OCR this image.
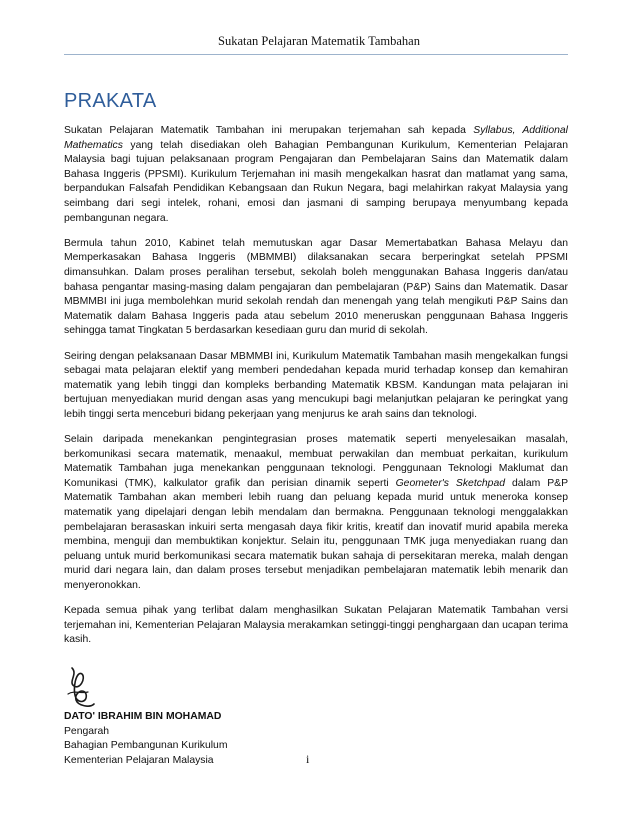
Sukatan Pelajaran Matematik Tambahan
PRAKATA

Sukatan Pelajaran Matematik Tambahan ini merupakan terjemahan sah kepada Syllabus, Additional Mathematics yang telah disediakan oleh Bahagian Pembangunan Kurikulum, Kementerian Pelajaran Malaysia bagi tujuan pelaksanaan program Pengajaran dan Pembelajaran Sains dan Matematik dalam Bahasa Inggeris (PPSMI). Kurikulum Terjemahan ini masih mengekalkan hasrat dan matlamat yang sama, berpandukan Falsafah Pendidikan Kebangsaan dan Rukun Negara, bagi melahirkan rakyat Malaysia yang seimbang dari segi intelek, rohani, emosi dan jasmani di samping berupaya menyumbang kepada pembangunan negara.

Bermula tahun 2010, Kabinet telah memutuskan agar Dasar Memertabatkan Bahasa Melayu dan Memperkasakan Bahasa Inggeris (MBMMBI) dilaksanakan secara berperingkat setelah PPSMI dimansuhkan. Dalam proses peralihan tersebut, sekolah boleh menggunakan Bahasa Inggeris dan/atau bahasa pengantar masing-masing dalam pengajaran dan pembelajaran (P&P) Sains dan Matematik. Dasar MBMMBI ini juga membolehkan murid sekolah rendah dan menengah yang telah mengikuti P&P Sains dan Matematik dalam Bahasa Inggeris pada atau sebelum 2010 meneruskan penggunaan Bahasa Inggeris sehingga tamat Tingkatan 5 berdasarkan kesediaan guru dan murid di sekolah.

Seiring dengan pelaksanaan Dasar MBMMBI ini, Kurikulum Matematik Tambahan masih mengekalkan fungsi sebagai mata pelajaran elektif yang memberi pendedahan kepada murid terhadap konsep dan kemahiran matematik yang lebih tinggi dan kompleks berbanding Matematik KBSM. Kandungan mata pelajaran ini bertujuan menyediakan murid dengan asas yang mencukupi bagi melanjutkan pelajaran ke peringkat yang lebih tinggi serta menceburi bidang pekerjaan yang menjurus ke arah sains dan teknologi.

Selain daripada menekankan pengintegrasian proses matematik seperti menyelesaikan masalah, berkomunikasi secara matematik, menaakul, membuat perwakilan dan membuat perkaitan, kurikulum Matematik Tambahan juga menekankan penggunaan teknologi. Penggunaan Teknologi Maklumat dan Komunikasi (TMK), kalkulator grafik dan perisian dinamik seperti Geometer's Sketchpad dalam P&P Matematik Tambahan akan memberi lebih ruang dan peluang kepada murid untuk meneroka konsep matematik yang dipelajari dengan lebih mendalam dan bermakna. Penggunaan teknologi menggalakkan pembelajaran berasaskan inkuiri serta mengasah daya fikir kritis, kreatif dan inovatif murid apabila mereka membina, menguji dan membuktikan konjektur. Selain itu, penggunaan TMK juga menyediakan ruang dan peluang untuk murid berkomunikasi secara matematik bukan sahaja di persekitaran mereka, malah dengan murid dari negara lain, dan dalam proses tersebut menjadikan pembelajaran matematik lebih menarik dan menyeronokkan.

Kepada semua pihak yang terlibat dalam menghasilkan Sukatan Pelajaran Matematik Tambahan versi terjemahan ini, Kementerian Pelajaran Malaysia merakamkan setinggi-tinggi penghargaan dan ucapan terima kasih.

DATO' IBRAHIM BIN MOHAMAD
Pengarah
Bahagian Pembangunan Kurikulum
Kementerian Pelajaran Malaysia	i
